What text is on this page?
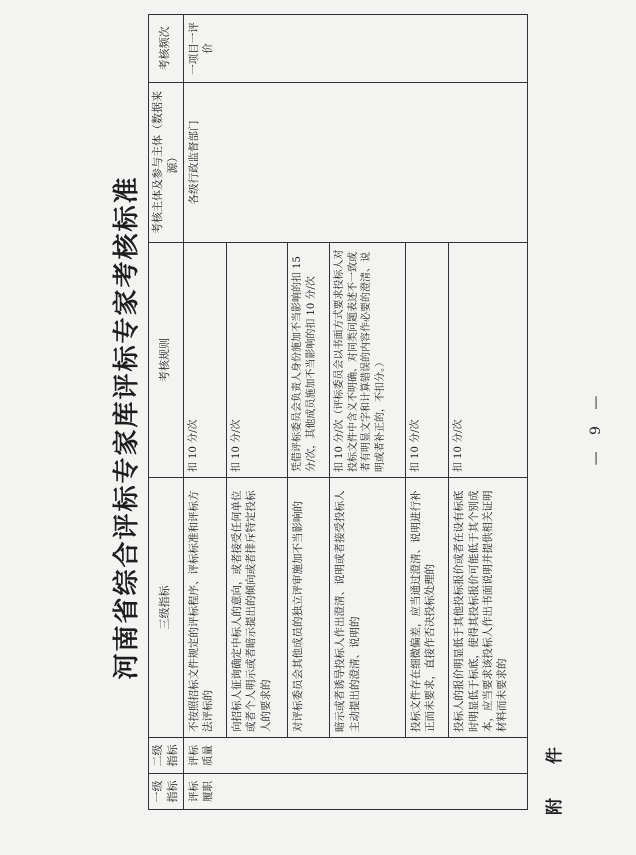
附 件
河南省综合评标专家库评标专家考核标准
一级指标	二级指标	三级指标	考核规则	考核主体及参与主体（数据来源）	考核频次
评标履职	评标质量	不按照招标文件规定的评标程序、评标标准和评标方法评标的	扣 10 分/次	各级行政监督部门	一项目一评价
		向招标人征询确定中标人的意向，或者接受任何单位或者个人明示或者暗示提出的倾向或者排斥特定投标人的要求的	扣 10 分/次		
		对评标委员会其他成员的独立评审施加不当影响的	凭借评标委员会负责人身份施加不当影响的扣 15 分/次，其他成员施加不当影响的扣 10 分/次		
		暗示或者诱导投标人作出澄清、说明或者接受投标人主动提出的澄清、说明的	扣 10 分/次（评标委员会以书面方式要求投标人对投标文件中含义不明确、对同类问题表述不一致或者有明显文字和计算错误的内容作必要的澄清、说明或者补正的，不扣分。）		
		投标文件存在细微偏差，应当通过澄清、说明进行补正而未要求，直接作否决投标处理的	扣 10 分/次		
		投标人的报价明显低于其他投标报价或者在设有标底时明显低于标底，使得其投标报价可能低于其个别成本，应当要求该投标人作出书面说明并提供相关证明材料而未要求的	扣 10 分/次			— 9 —
